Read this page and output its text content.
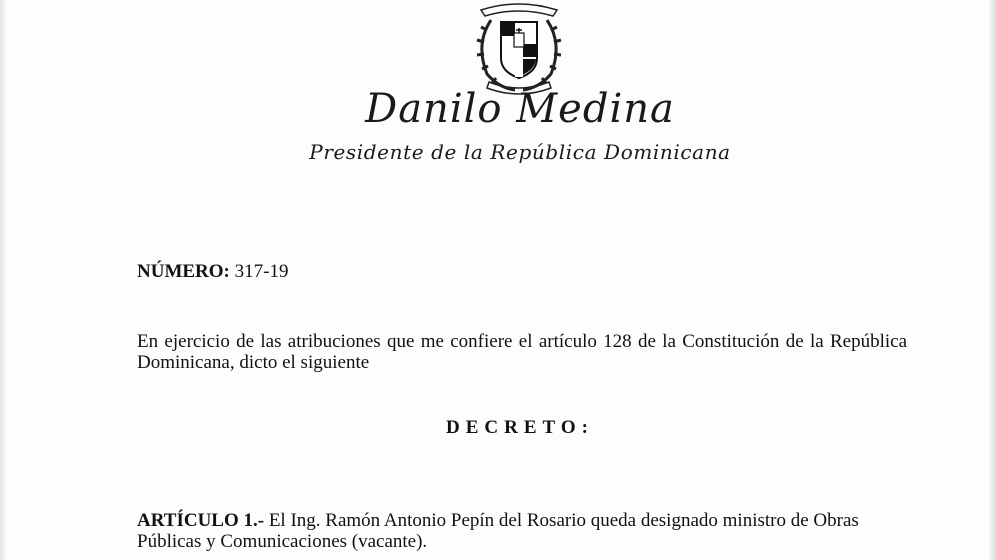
Danilo Medina
Presidente de la República Dominicana
NÚMERO: 317-19
En ejercicio de las atribuciones que me confiere el artículo 128 de la Constitución de la República Dominicana, dicto el siguiente
DECRETO:
ARTÍCULO 1.- El Ing. Ramón Antonio Pepín del Rosario queda designado ministro de Obras Públicas y Comunicaciones (vacante).
